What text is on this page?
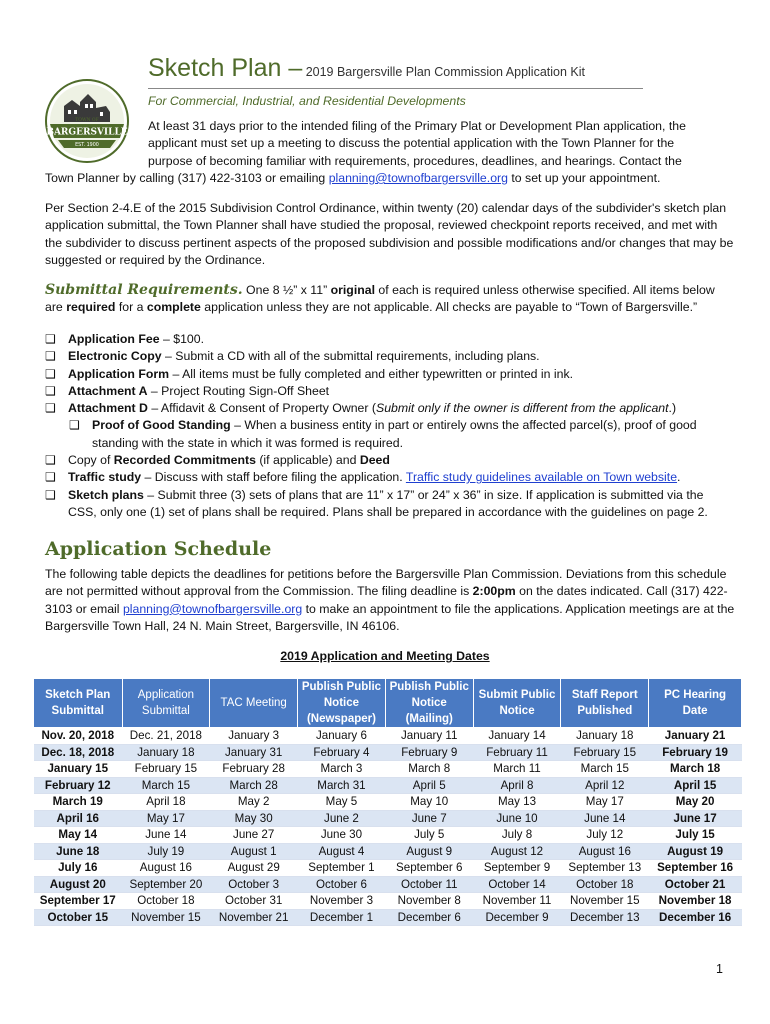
TOWN OF
BARGERSVILLE
EST. 1900
Sketch Plan – 2019 Bargersville Plan Commission Application Kit
For Commercial, Industrial, and Residential Developments

At least 31 days prior to the intended filing of the Primary Plat or Development Plan application, the applicant must set up a meeting to discuss the potential application with the Town Planner for the purpose of becoming familiar with requirements, procedures, deadlines, and hearings. Contact the

Town Planner by calling (317) 422-3103 or emailing planning@townofbargersville.org to set up your appointment.

Per Section 2-4.E of the 2015 Subdivision Control Ordinance, within twenty (20) calendar days of the subdivider's sketch plan application submittal, the Town Planner shall have studied the proposal, reviewed checkpoint reports received, and met with the subdivider to discuss pertinent aspects of the proposed subdivision and possible modifications and/or changes that may be suggested or required by the Ordinance.

Submittal Requirements. One 8 ½” x 11” original of each is required unless otherwise specified. All items below are required for a complete application unless they are not applicable. All checks are payable to “Town of Bargersville.”

❑ Application Fee – $100.
❑ Electronic Copy – Submit a CD with all of the submittal requirements, including plans.
❑ Application Form – All items must be fully completed and either typewritten or printed in ink.
❑ Attachment A – Project Routing Sign-Off Sheet
❑ Attachment D – Affidavit & Consent of Property Owner (Submit only if the owner is different from the applicant.)
❑ Proof of Good Standing – When a business entity in part or entirely owns the affected parcel(s), proof of good standing with the state in which it was formed is required.
❑ Copy of Recorded Commitments (if applicable) and Deed
❑ Traffic study – Discuss with staff before filing the application. Traffic study guidelines available on Town website.
❑ Sketch plans – Submit three (3) sets of plans that are 11” x 17” or 24” x 36” in size. If application is submitted via the CSS, only one (1) set of plans shall be required. Plans shall be prepared in accordance with the guidelines on page 2.
Application Schedule

The following table depicts the deadlines for petitions before the Bargersville Plan Commission. Deviations from this schedule are not permitted without approval from the Commission. The filing deadline is 2:00pm on the dates indicated. Call (317) 422-3103 or email planning@townofbargersville.org to make an appointment to file the applications. Application meetings are at the Bargersville Town Hall, 24 N. Main Street, Bargersville, IN 46106.

2019 Application and Meeting Dates
Sketch Plan Submittal	Application Submittal	TAC Meeting	Publish Public Notice (Newspaper)	Publish Public Notice (Mailing)	Submit Public Notice	Staff Report Published	PC Hearing Date
Nov. 20, 2018	Dec. 21, 2018	January 3	January 6	January 11	January 14	January 18	January 21
Dec. 18, 2018	January 18	January 31	February 4	February 9	February 11	February 15	February 19
January 15	February 15	February 28	March 3	March 8	March 11	March 15	March 18
February 12	March 15	March 28	March 31	April 5	April 8	April 12	April 15
March 19	April 18	May 2	May 5	May 10	May 13	May 17	May 20
April 16	May 17	May 30	June 2	June 7	June 10	June 14	June 17
May 14	June 14	June 27	June 30	July 5	July 8	July 12	July 15
June 18	July 19	August 1	August 4	August 9	August 12	August 16	August 19
July 16	August 16	August 29	September 1	September 6	September 9	September 13	September 16
August 20	September 20	October 3	October 6	October 11	October 14	October 18	October 21
September 17	October 18	October 31	November 3	November 8	November 11	November 15	November 18
October 15	November 15	November 21	December 1	December 6	December 9	December 13	December 16
1
